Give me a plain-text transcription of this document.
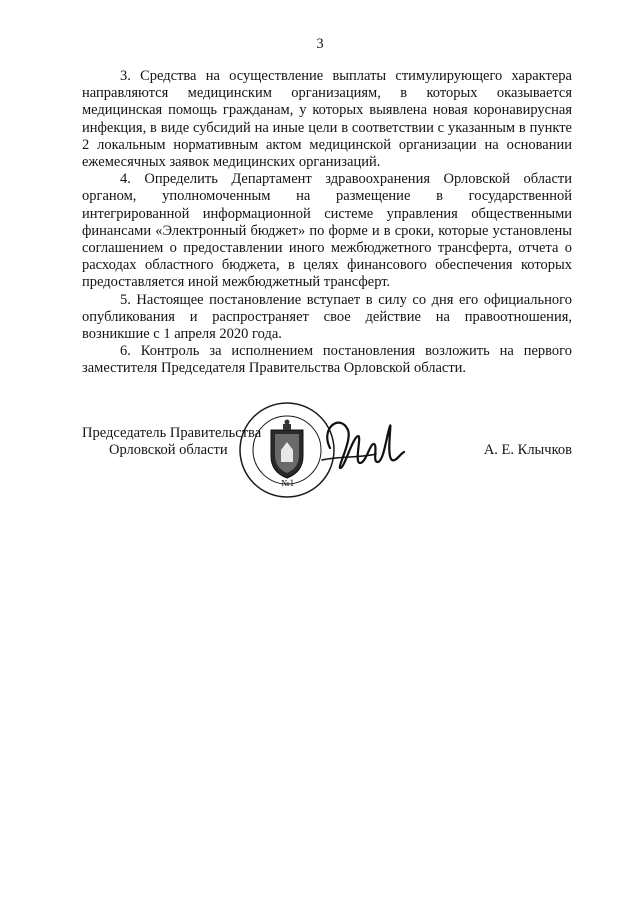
3

3. Средства на осуществление выплаты стимулирующего характера направляются медицинским организациям, в которых оказывается медицинская помощь гражданам, у которых выявлена новая коронавирусная инфекция, в виде субсидий на иные цели в соответствии с указанным в пункте 2 локальным нормативным актом медицинской организации на основании ежемесячных заявок медицинских организаций.

4. Определить Департамент здравоохранения Орловской области органом, уполномоченным на размещение в государственной интегрированной информационной системе управления общественными финансами «Электронный бюджет» по форме и в сроки, которые установлены соглашением о предоставлении иного межбюджетного трансферта, отчета о расходах областного бюджета, в целях финансового обеспечения которых предоставляется иной межбюджетный трансферт.

5. Настоящее постановление вступает в силу со дня его официального опубликования и распространяет свое действие на правоотношения, возникшие с 1 апреля 2020 года.

6. Контроль за исполнением постановления возложить на первого заместителя Председателя Правительства Орловской области.

№1
Председатель Правительства
Орловской области	А. Е. Клычков
